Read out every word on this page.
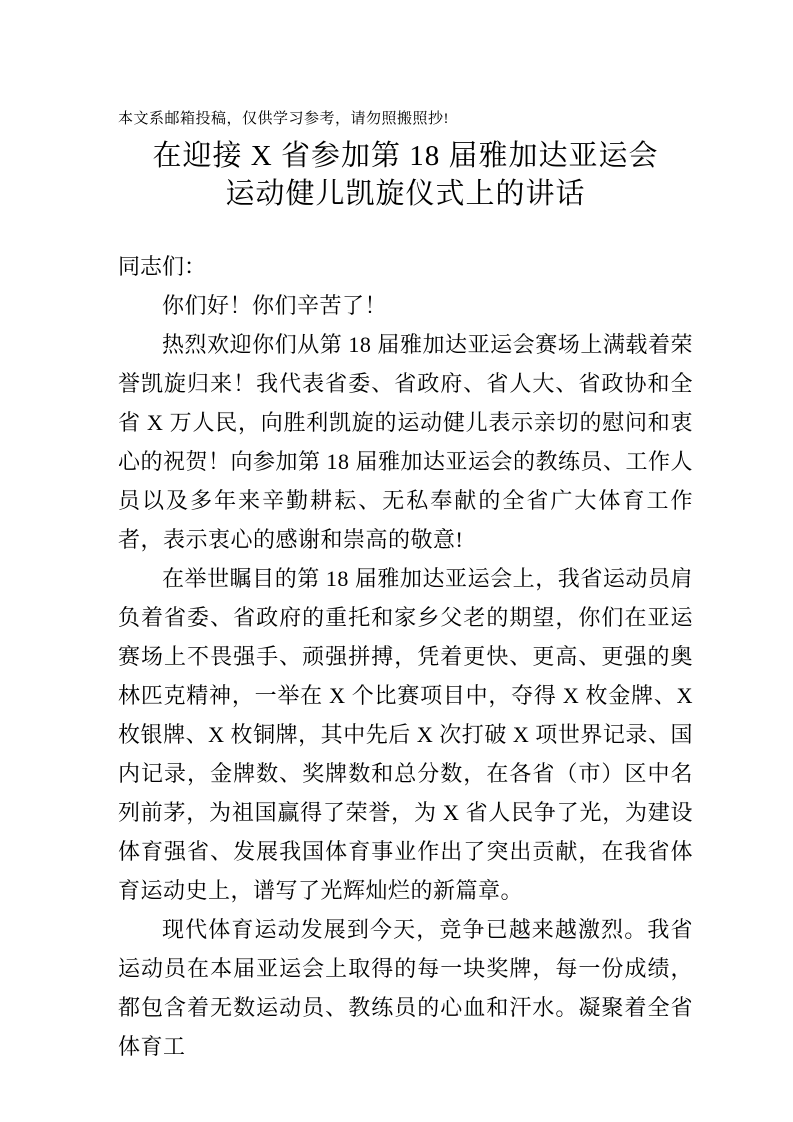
本文系邮箱投稿，仅供学习参考，请勿照搬照抄!
在迎接 X 省参加第 18 届雅加达亚运会
运动健儿凯旋仪式上的讲话
同志们：

你们好！你们辛苦了！

热烈欢迎你们从第 18 届雅加达亚运会赛场上满载着荣誉凯旋归来！我代表省委、省政府、省人大、省政协和全省 X 万人民，向胜利凯旋的运动健儿表示亲切的慰问和衷心的祝贺！向参加第 18 届雅加达亚运会的教练员、工作人员以及多年来辛勤耕耘、无私奉献的全省广大体育工作者，表示衷心的感谢和崇高的敬意!

在举世瞩目的第 18 届雅加达亚运会上，我省运动员肩负着省委、省政府的重托和家乡父老的期望，你们在亚运赛场上不畏强手、顽强拼搏，凭着更快、更高、更强的奥林匹克精神，一举在 X 个比赛项目中，夺得 X 枚金牌、X 枚银牌、X 枚铜牌，其中先后 X 次打破 X 项世界记录、国内记录，金牌数、奖牌数和总分数，在各省（市）区中名列前茅，为祖国赢得了荣誉，为 X 省人民争了光，为建设体育强省、发展我国体育事业作出了突出贡献，在我省体育运动史上，谱写了光辉灿烂的新篇章。

现代体育运动发展到今天，竞争已越来越激烈。我省运动员在本届亚运会上取得的每一块奖牌，每一份成绩，都包含着无数运动员、教练员的心血和汗水。凝聚着全省体育工
